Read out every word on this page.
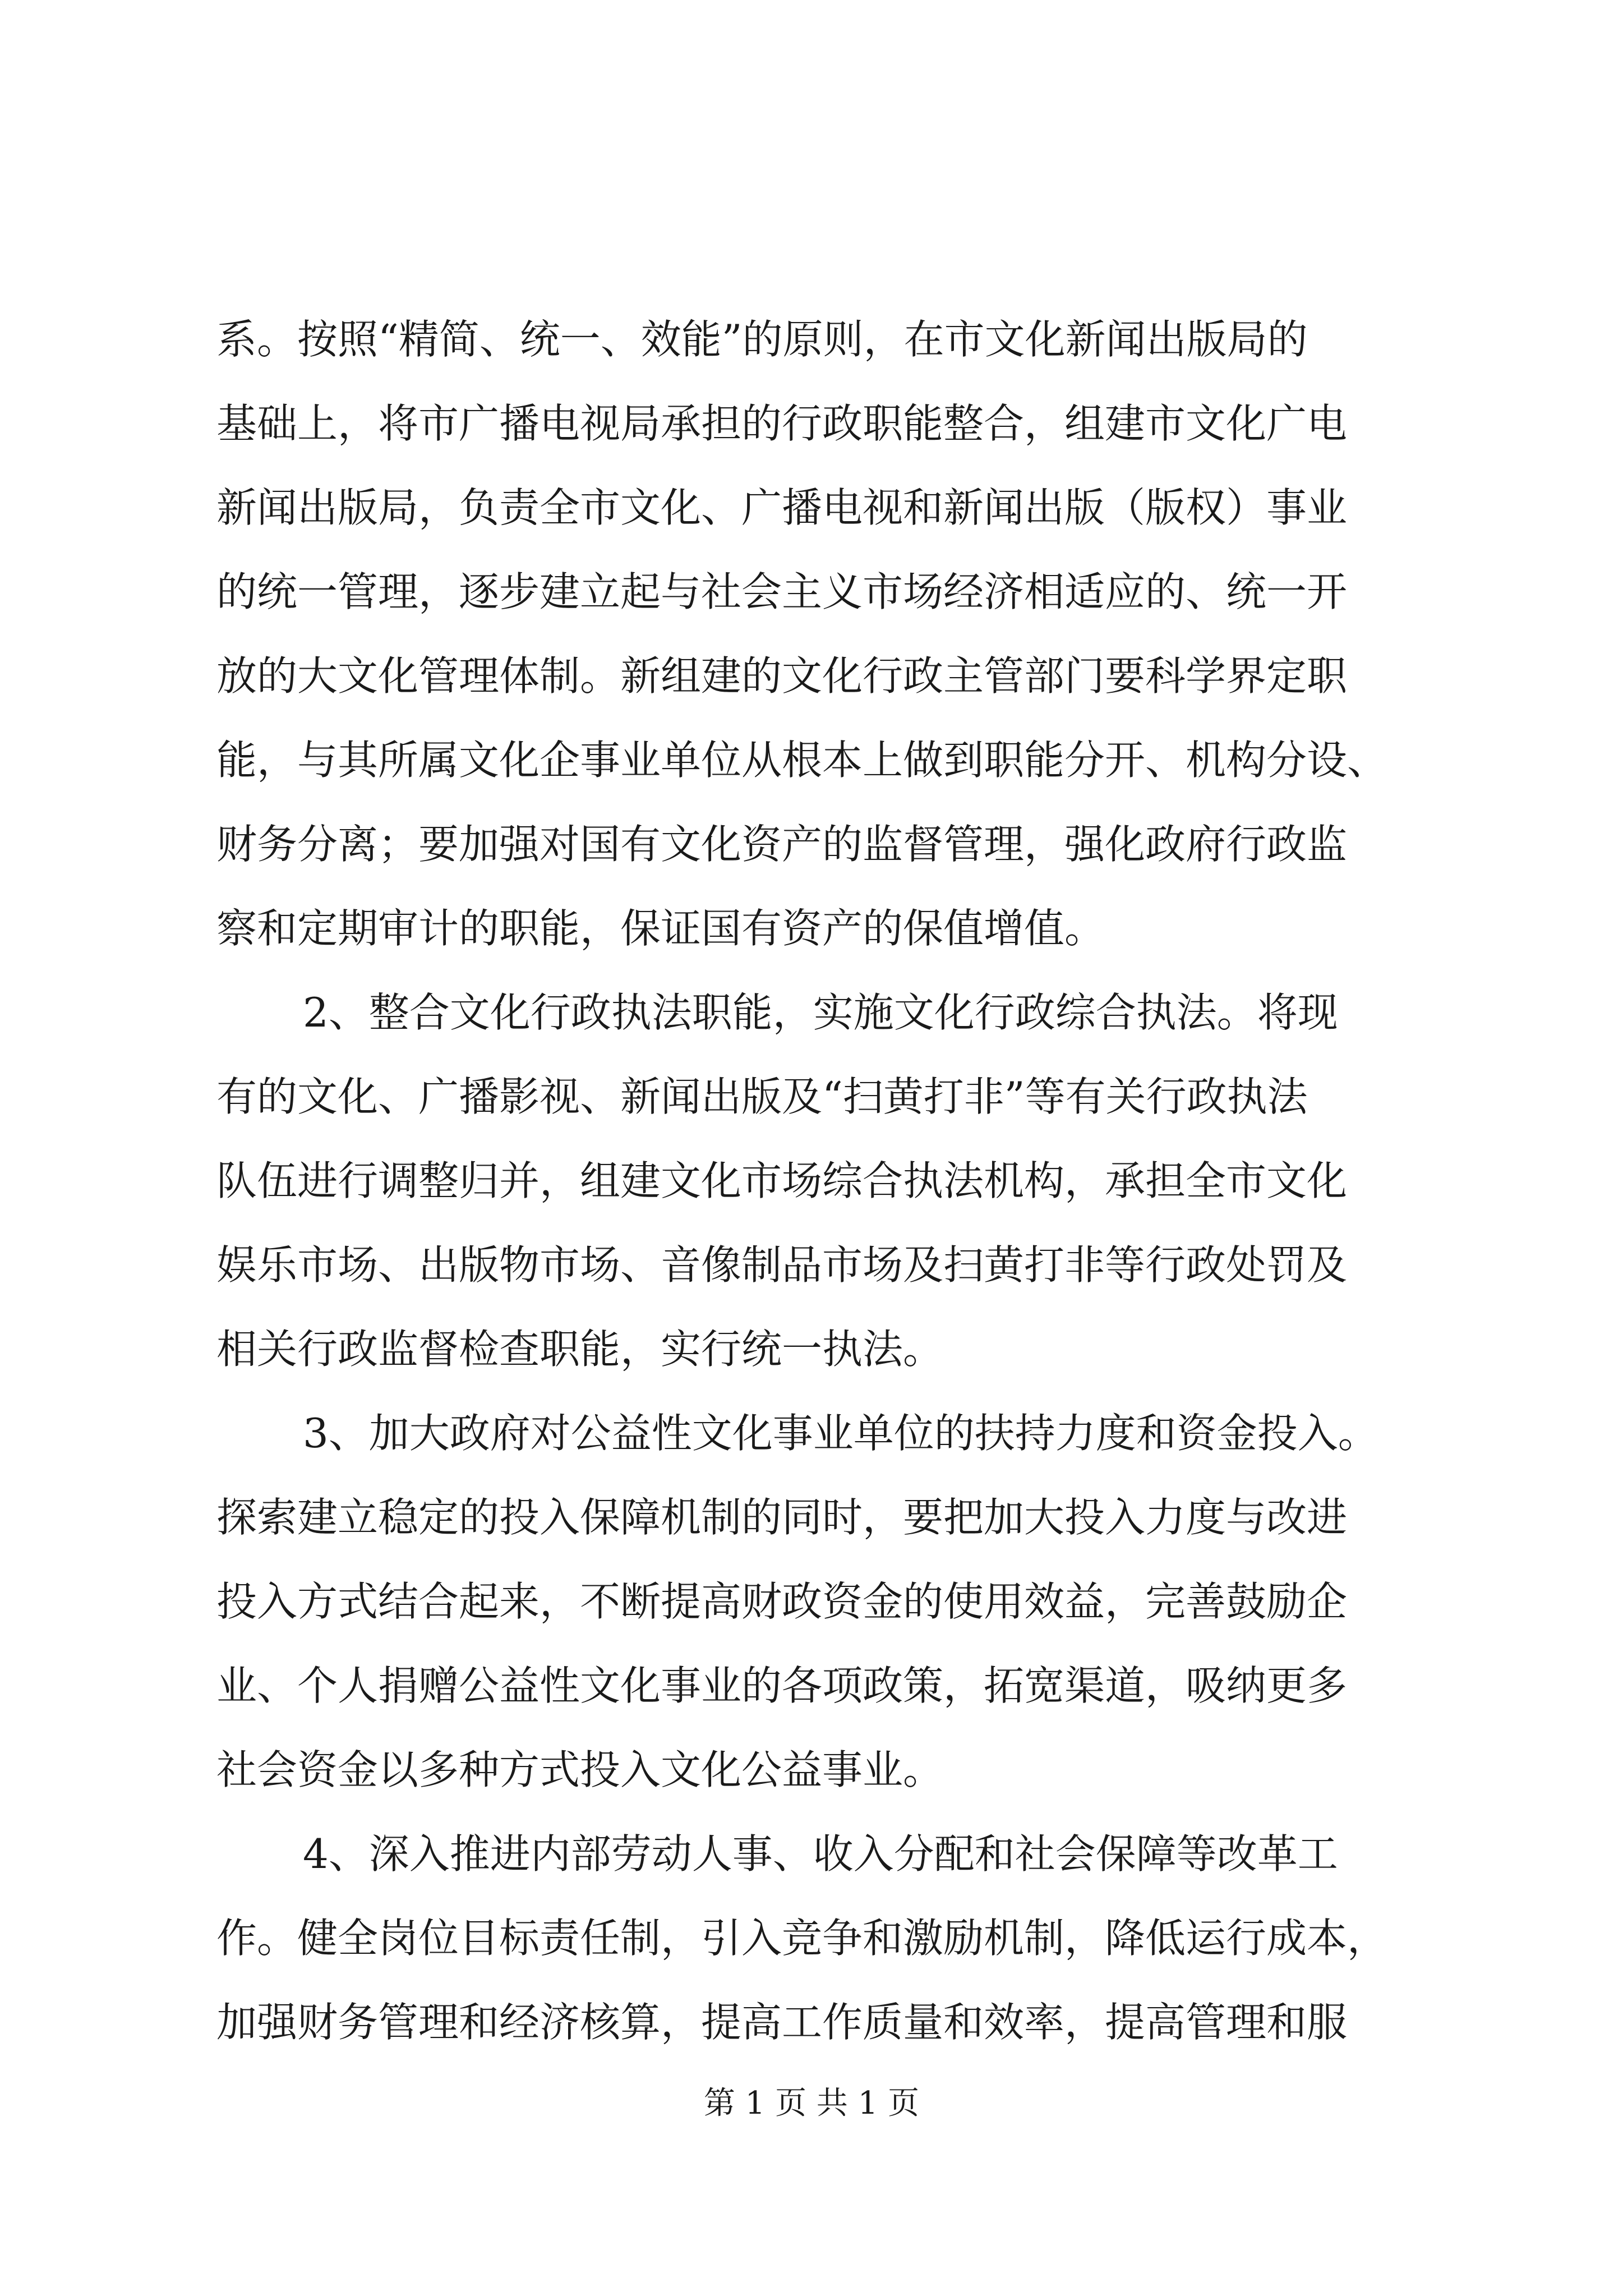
系。按照“精简、统一、效能”的原则，在市文化新闻出版局的
基础上，将市广播电视局承担的行政职能整合，组建市文化广电
新闻出版局，负责全市文化、广播电视和新闻出版（版权）事业
的统一管理，逐步建立起与社会主义市场经济相适应的、统一开
放的大文化管理体制。新组建的文化行政主管部门要科学界定职
能，与其所属文化企事业单位从根本上做到职能分开、机构分设、
财务分离；要加强对国有文化资产的监督管理，强化政府行政监
察和定期审计的职能，保证国有资产的保值增值。
2、整合文化行政执法职能，实施文化行政综合执法。将现
有的文化、广播影视、新闻出版及“扫黄打非”等有关行政执法
队伍进行调整归并，组建文化市场综合执法机构，承担全市文化
娱乐市场、出版物市场、音像制品市场及扫黄打非等行政处罚及
相关行政监督检查职能，实行统一执法。
3、加大政府对公益性文化事业单位的扶持力度和资金投入。
探索建立稳定的投入保障机制的同时，要把加大投入力度与改进
投入方式结合起来，不断提高财政资金的使用效益，完善鼓励企
业、个人捐赠公益性文化事业的各项政策，拓宽渠道，吸纳更多
社会资金以多种方式投入文化公益事业。
4、深入推进内部劳动人事、收入分配和社会保障等改革工
作。健全岗位目标责任制，引入竞争和激励机制，降低运行成本，
加强财务管理和经济核算，提高工作质量和效率，提高管理和服
第 1 页 共 1 页
